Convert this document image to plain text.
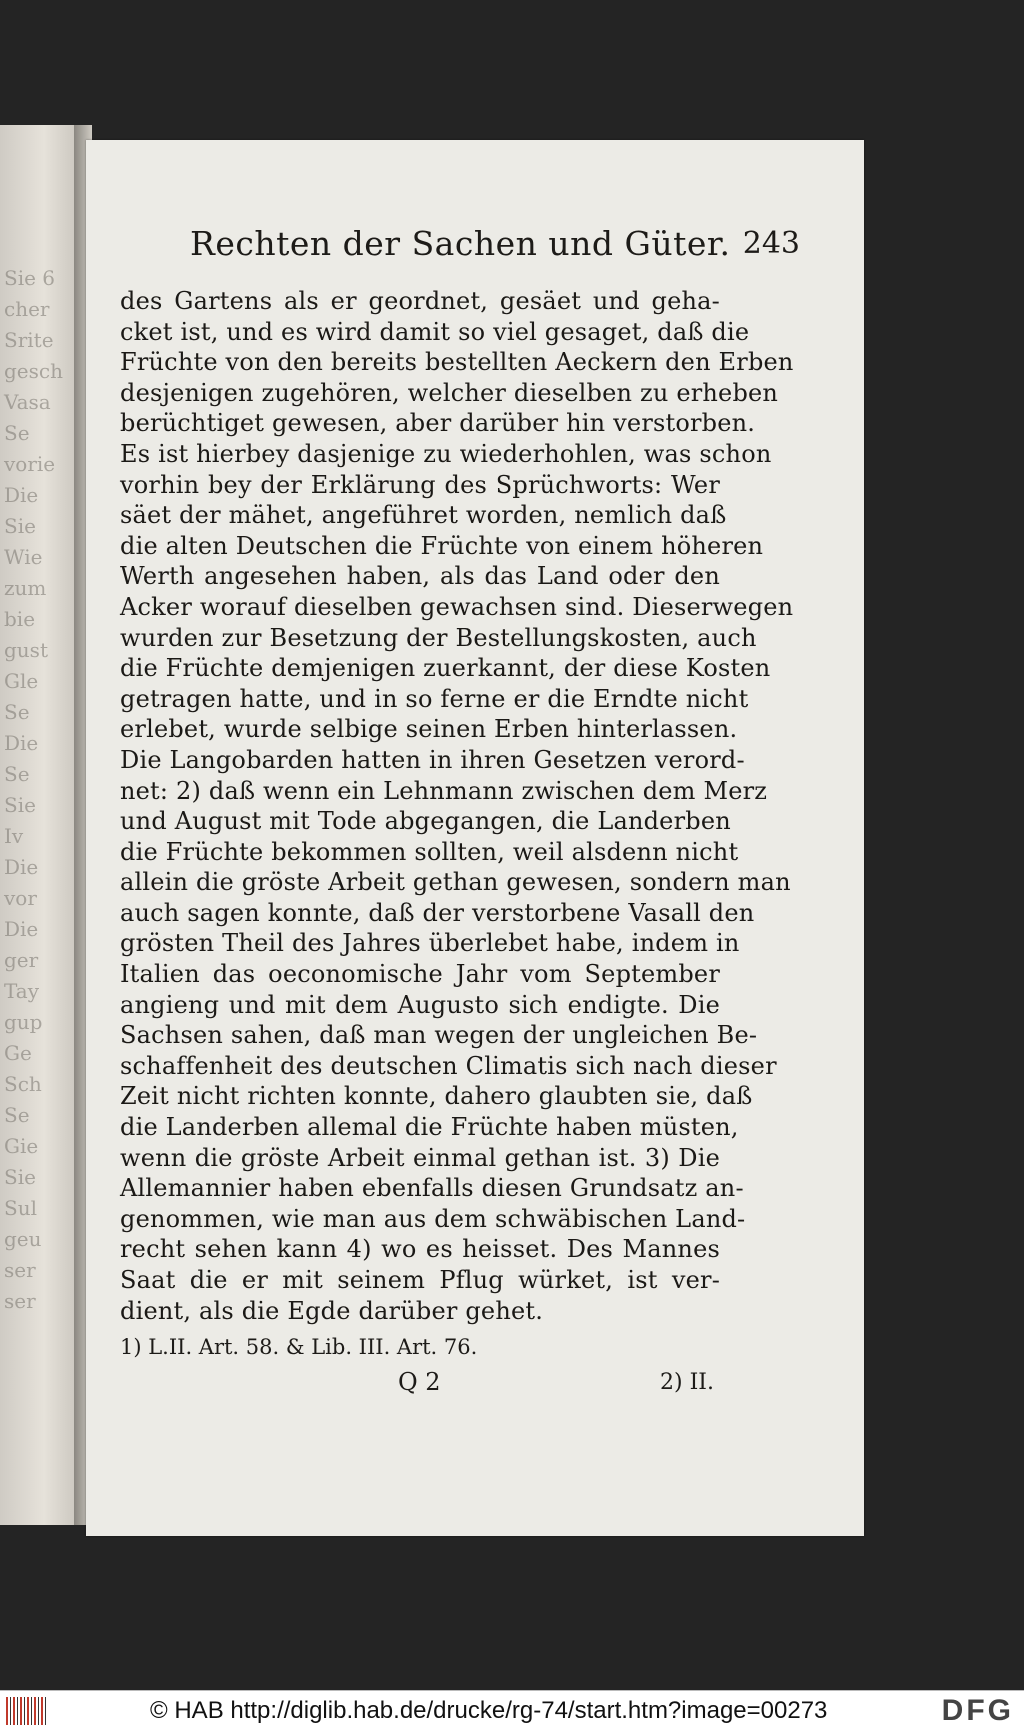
Sie 6
cher
Srite
gesch
Vasa
Se
vorie
Die
Sie
Wie
zum
bie
gust
Gle
Se
Die
Se
Sie
Iv
Die
vor
Die
ger
Tay
gup
Ge
Sch
Se
Gie
Sie
Sul
geu
ser
ser
Rechten der Sachen und Güter. 243
des Gartens als er geordnet, gesäet und geha-
cket ist, und es wird damit so viel gesaget, daß die
Früchte von den bereits bestellten Aeckern den Erben
desjenigen zugehören, welcher dieselben zu erheben
berüchtiget gewesen, aber darüber hin verstorben.
Es ist hierbey dasjenige zu wiederhohlen, was schon
vorhin bey der Erklärung des Sprüchworts: Wer
säet der mähet, angeführet worden, nemlich daß
die alten Deutschen die Früchte von einem höheren
Werth angesehen haben, als das Land oder den
Acker worauf dieselben gewachsen sind. Dieserwegen
wurden zur Besetzung der Bestellungskosten, auch
die Früchte demjenigen zuerkannt, der diese Kosten
getragen hatte, und in so ferne er die Erndte nicht
erlebet, wurde selbige seinen Erben hinterlassen.
Die Langobarden hatten in ihren Gesetzen verord-
net: 2) daß wenn ein Lehnmann zwischen dem Merz
und August mit Tode abgegangen, die Landerben
die Früchte bekommen sollten, weil alsdenn nicht
allein die gröste Arbeit gethan gewesen, sondern man
auch sagen konnte, daß der verstorbene Vasall den
grösten Theil des Jahres überlebet habe, indem in
Italien das oeconomische Jahr vom September
angieng und mit dem Augusto sich endigte. Die
Sachsen sahen, daß man wegen der ungleichen Be-
schaffenheit des deutschen Climatis sich nach dieser
Zeit nicht richten konnte, dahero glaubten sie, daß
die Landerben allemal die Früchte haben müsten,
wenn die gröste Arbeit einmal gethan ist. 3) Die
Allemannier haben ebenfalls diesen Grundsatz an-
genommen, wie man aus dem schwäbischen Land-
recht sehen kann 4) wo es heisset. Des Mannes
Saat die er mit seinem Pflug würket, ist ver-
dient, als die Egde darüber gehet.
1) L.II. Art. 58. & Lib. III. Art. 76.
Q 2	2) II.
© HAB http://diglib.hab.de/drucke/rg-74/start.htm?image=00273	DFG
